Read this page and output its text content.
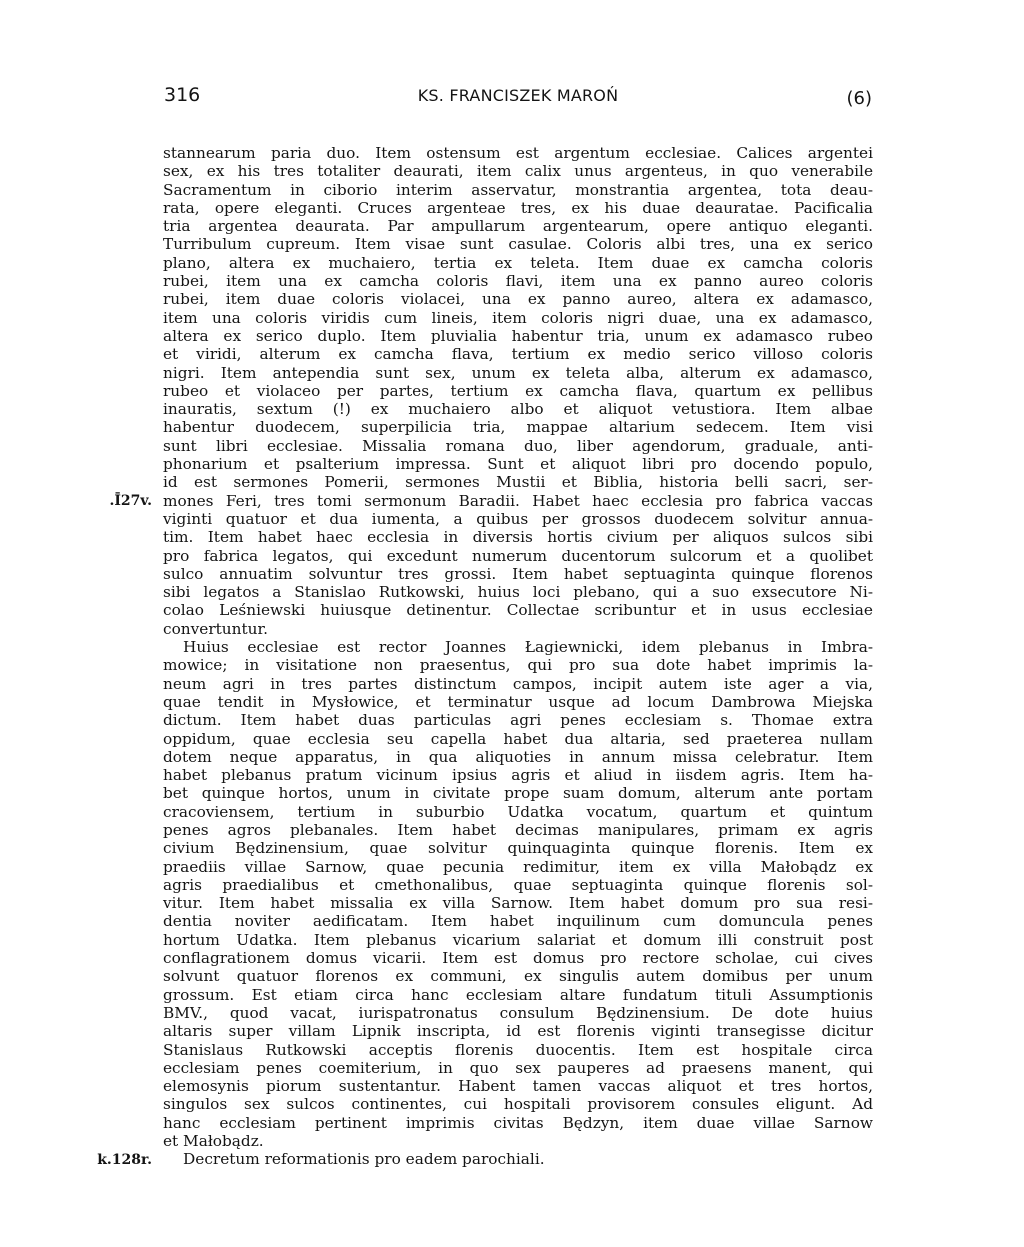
316	KS. FRANCISZEK MAROŃ	(6)
stannearum paria duo. Item ostensum est argentum ecclesiae. Calices argentei
sex, ex his tres totaliter deaurati, item calix unus argenteus, in quo venerabile
Sacramentum in ciborio interim asservatur, monstrantia argentea, tota deau-
rata, opere eleganti. Cruces argenteae tres, ex his duae deauratae. Pacificalia
tria argentea deaurata. Par ampullarum argentearum, opere antiquo eleganti.
Turribulum cupreum. Item visae sunt casulae. Coloris albi tres, una ex serico
plano, altera ex muchaiero, tertia ex teleta. Item duae ex camcha coloris
rubei, item una ex camcha coloris flavi, item una ex panno aureo coloris
rubei, item duae coloris violacei, una ex panno aureo, altera ex adamasco,
item una coloris viridis cum lineis, item coloris nigri duae, una ex adamasco,
altera ex serico duplo. Item pluvialia habentur tria, unum ex adamasco rubeo
et viridi, alterum ex camcha flava, tertium ex medio serico villoso coloris
nigri. Item antependia sunt sex, unum ex teleta alba, alterum ex adamasco,
rubeo et violaceo per partes, tertium ex camcha flava, quartum ex pellibus
inauratis, sextum (!) ex muchaiero albo et aliquot vetustiora. Item albae
habentur duodecem, superpilicia tria, mappae altarium sedecem. Item visi
sunt libri ecclesiae. Missalia romana duo, liber agendorum, graduale, anti-
phonarium et psalterium impressa. Sunt et aliquot libri pro docendo populo,
id est sermones Pomerii, sermones Mustii et Biblia, historia belli sacri, ser-
mones Feri, tres tomi sermonum Baradii. Habet haec ecclesia pro fabrica vaccas
viginti quatuor et dua iumenta, a quibus per grossos duodecem solvitur annua-
tim. Item habet haec ecclesia in diversis hortis civium per aliquos sulcos sibi
pro fabrica legatos, qui excedunt numerum ducentorum sulcorum et a quolibet
sulco annuatim solvuntur tres grossi. Item habet septuaginta quinque florenos
sibi legatos a Stanislao Rutkowski, huius loci plebano, qui a suo exsecutore Ni-
colao Leśniewski huiusque detinentur. Collectae scribuntur et in usus ecclesiae
convertuntur.
Huius ecclesiae est rector Joannes Łagiewnicki, idem plebanus in Imbra-
mowice; in visitatione non praesentus, qui pro sua dote habet imprimis la-
neum agri in tres partes distinctum campos, incipit autem iste ager a via,
quae tendit in Mysłowice, et terminatur usque ad locum Dambrowa Miejska
dictum. Item habet duas particulas agri penes ecclesiam s. Thomae extra
oppidum, quae ecclesia seu capella habet dua altaria, sed praeterea nullam
dotem neque apparatus, in qua aliquoties in annum missa celebratur. Item
habet plebanus pratum vicinum ipsius agris et aliud in iisdem agris. Item ha-
bet quinque hortos, unum in civitate prope suam domum, alterum ante portam
cracoviensem, tertium in suburbio Udatka vocatum, quartum et quintum
penes agros plebanales. Item habet decimas manipulares, primam ex agris
civium Będzinensium, quae solvitur quinquaginta quinque florenis. Item ex
praediis villae Sarnow, quae pecunia redimitur, item ex villa Małobądz ex
agris praedialibus et cmethonalibus, quae septuaginta quinque florenis sol-
vitur. Item habet missalia ex villa Sarnow. Item habet domum pro sua resi-
dentia noviter aedificatam. Item habet inquilinum cum domuncula penes
hortum Udatka. Item plebanus vicarium salariat et domum illi construit post
conflagrationem domus vicarii. Item est domus pro rectore scholae, cui cives
solvunt quatuor florenos ex communi, ex singulis autem domibus per unum
grossum. Est etiam circa hanc ecclesiam altare fundatum tituli Assumptionis
BMV., quod vacat, iurispatronatus consulum Będzinensium. De dote huius
altaris super villam Lipnik inscripta, id est florenis viginti transegisse dicitur
Stanislaus Rutkowski acceptis florenis duocentis. Item est hospitale circa
ecclesiam penes coemiterium, in quo sex pauperes ad praesens manent, qui
elemosynis piorum sustentantur. Habent tamen vaccas aliquot et tres hortos,
singulos sex sulcos continentes, cui hospitali provisorem consules eligunt. Ad
hanc ecclesiam pertinent imprimis civitas Będzyn, item duae villae Sarnow
et Małobądz.
Decretum reformationis pro eadem parochiali.
.Ī27v.
k.128r.
